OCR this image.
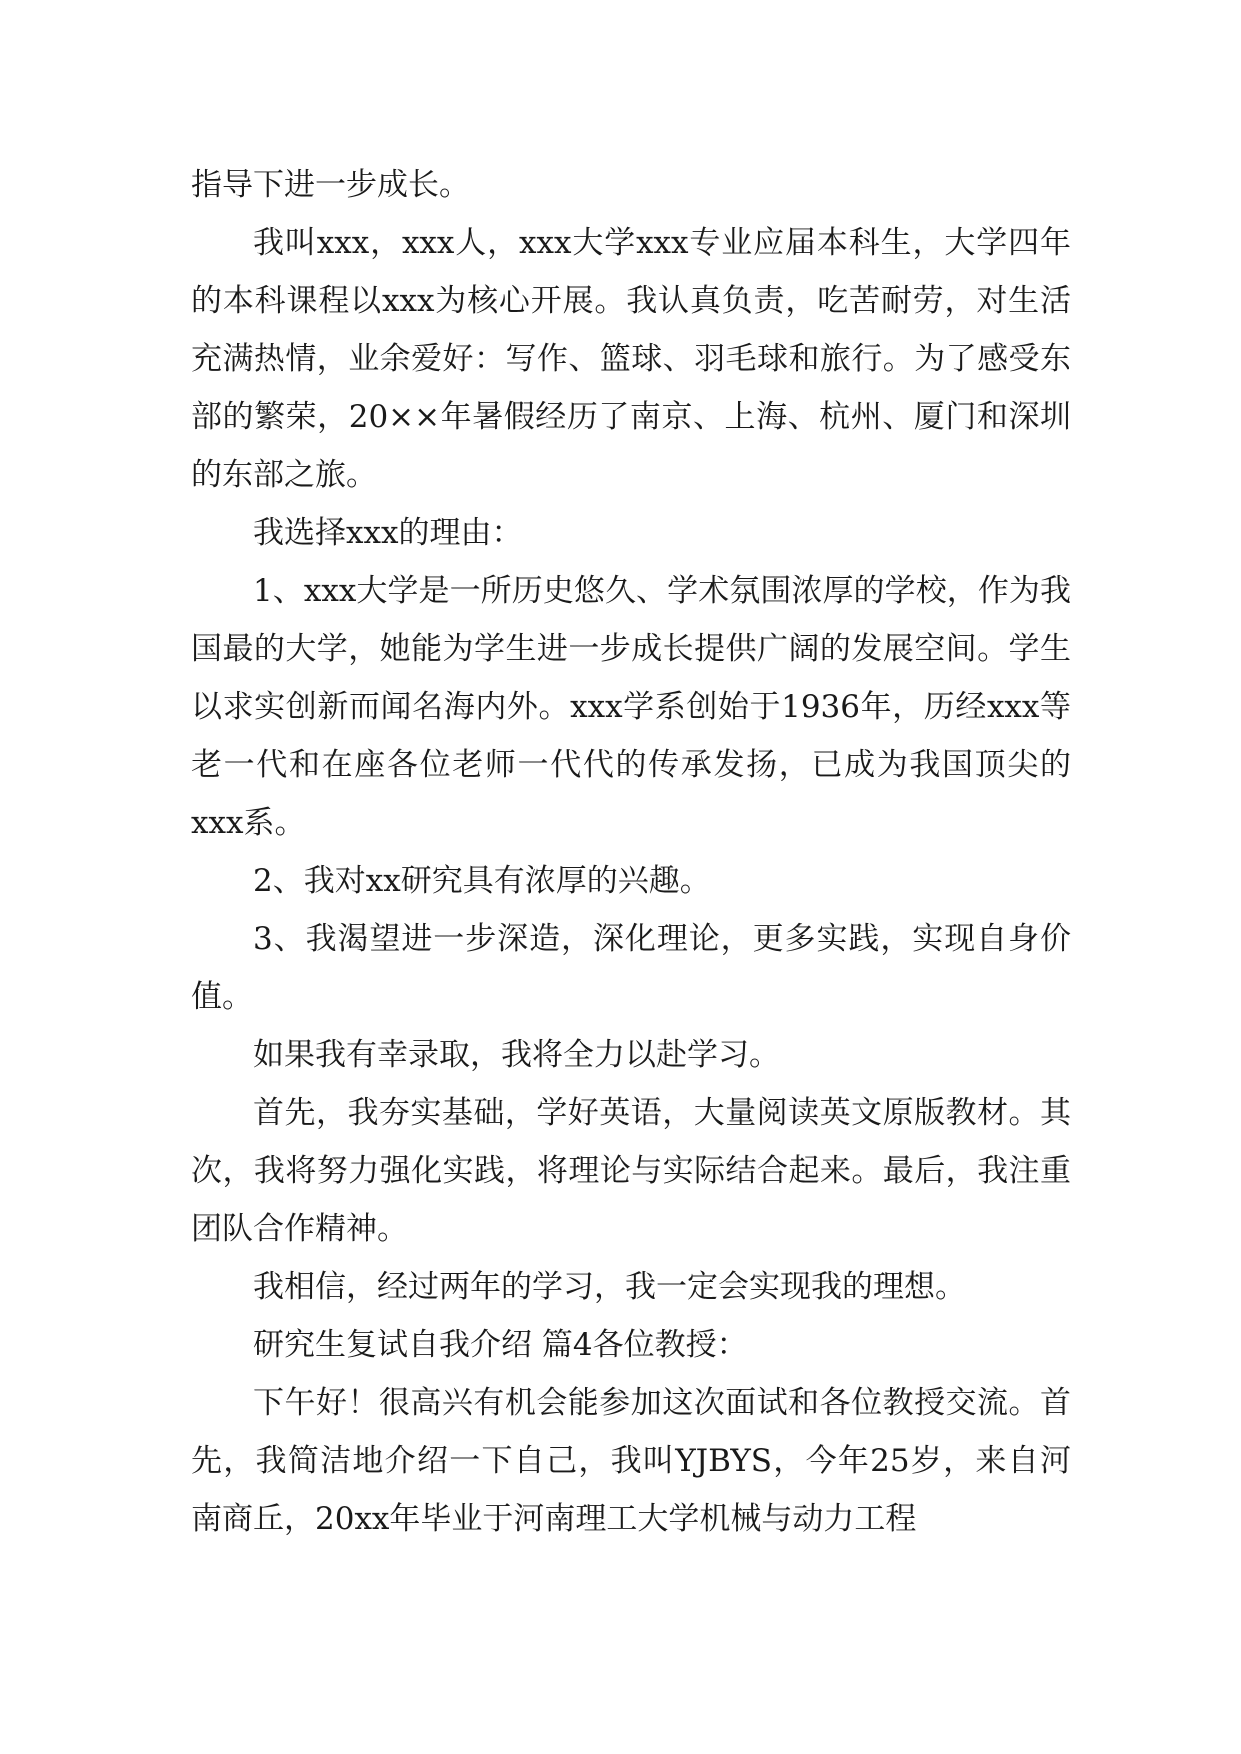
指导下进一步成长。

我叫xxx，xxx人，xxx大学xxx专业应届本科生，大学四年的本科课程以xxx为核心开展。我认真负责，吃苦耐劳，对生活充满热情，业余爱好：写作、篮球、羽毛球和旅行。为了感受东部的繁荣，20××年暑假经历了南京、上海、杭州、厦门和深圳的东部之旅。

我选择xxx的理由：

1、xxx大学是一所历史悠久、学术氛围浓厚的学校，作为我国最的大学，她能为学生进一步成长提供广阔的发展空间。学生以求实创新而闻名海内外。xxx学系创始于1936年，历经xxx等老一代和在座各位老师一代代的传承发扬，已成为我国顶尖的xxx系。

2、我对xx研究具有浓厚的兴趣。

3、我渴望进一步深造，深化理论，更多实践，实现自身价值。

如果我有幸录取，我将全力以赴学习。

首先，我夯实基础，学好英语，大量阅读英文原版教材。其次，我将努力强化实践，将理论与实际结合起来。最后，我注重团队合作精神。

我相信，经过两年的学习，我一定会实现我的理想。

研究生复试自我介绍 篇4各位教授：

下午好！很高兴有机会能参加这次面试和各位教授交流。首先，我简洁地介绍一下自己，我叫YJBYS，今年25岁，来自河南商丘，20xx年毕业于河南理工大学机械与动力工程
